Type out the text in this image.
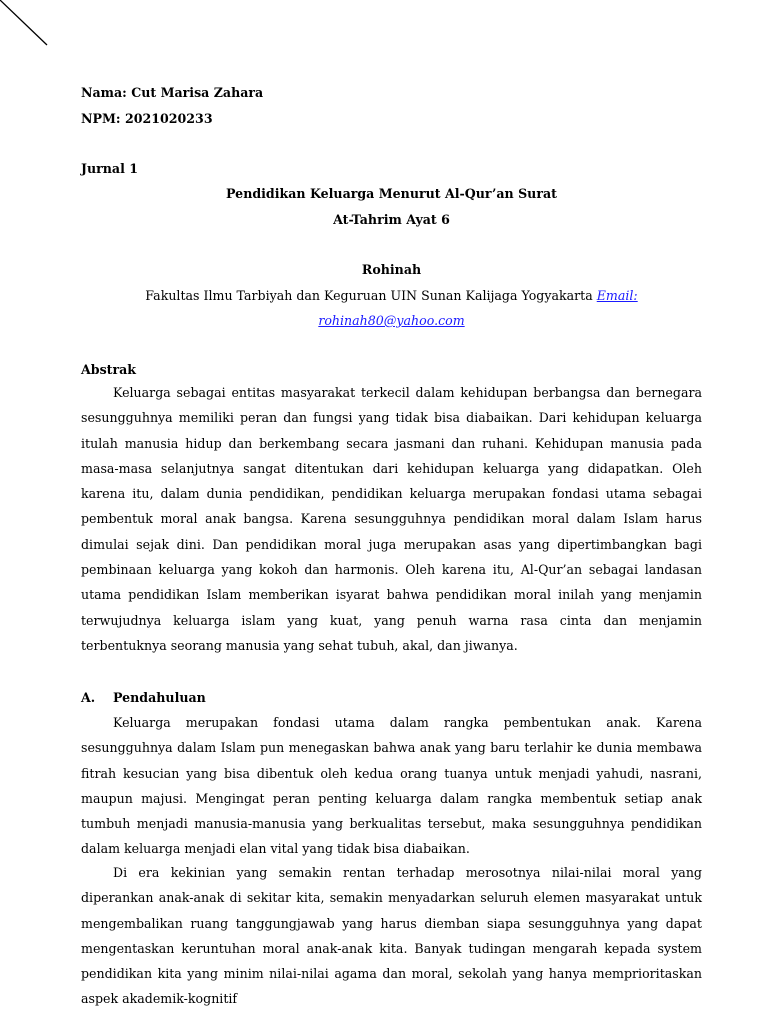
Nama: Cut Marisa Zahara
NPM: 2021020233
Jurnal 1
Pendidikan Keluarga Menurut Al-Qur’an Surat
At-Tahrim Ayat 6
Rohinah
Fakultas Ilmu Tarbiyah dan Keguruan UIN Sunan Kalijaga Yogyakarta Email:
rohinah80@yahoo.com
Abstrak
Keluarga sebagai entitas masyarakat terkecil dalam kehidupan berbangsa dan bernegara sesungguhnya memiliki peran dan fungsi yang tidak bisa diabaikan. Dari kehidupan keluarga itulah manusia hidup dan berkembang secara jasmani dan ruhani. Kehidupan manusia pada masa-masa selanjutnya sangat ditentukan dari kehidupan keluarga yang didapatkan. Oleh karena itu, dalam dunia pendidikan, pendidikan keluarga merupakan fondasi utama sebagai pembentuk moral anak bangsa. Karena sesungguhnya pendidikan moral dalam Islam harus dimulai sejak dini. Dan pendidikan moral juga merupakan asas yang dipertimbangkan bagi pembinaan keluarga yang kokoh dan harmonis. Oleh karena itu, Al-Qur’an sebagai landasan utama pendidikan Islam memberikan isyarat bahwa pendidikan moral inilah yang menjamin terwujudnya keluarga islam yang kuat, yang penuh warna rasa cinta dan menjamin terbentuknya seorang manusia yang sehat tubuh, akal, dan jiwanya.
A. Pendahuluan
Keluarga merupakan fondasi utama dalam rangka pembentukan anak. Karena sesungguhnya dalam Islam pun menegaskan bahwa anak yang baru terlahir ke dunia membawa fitrah kesucian yang bisa dibentuk oleh kedua orang tuanya untuk menjadi yahudi, nasrani, maupun majusi. Mengingat peran penting keluarga dalam rangka membentuk setiap anak tumbuh menjadi manusia-manusia yang berkualitas tersebut, maka sesungguhnya pendidikan dalam keluarga menjadi elan vital yang tidak bisa diabaikan.
Di era kekinian yang semakin rentan terhadap merosotnya nilai-nilai moral yang diperankan anak-anak di sekitar kita, semakin menyadarkan seluruh elemen masyarakat untuk mengembalikan ruang tanggungjawab yang harus diemban siapa sesungguhnya yang dapat mengentaskan keruntuhan moral anak-anak kita. Banyak tudingan mengarah kepada system pendidikan kita yang minim nilai-nilai agama dan moral, sekolah yang hanya memprioritaskan aspek akademik-kognitif
